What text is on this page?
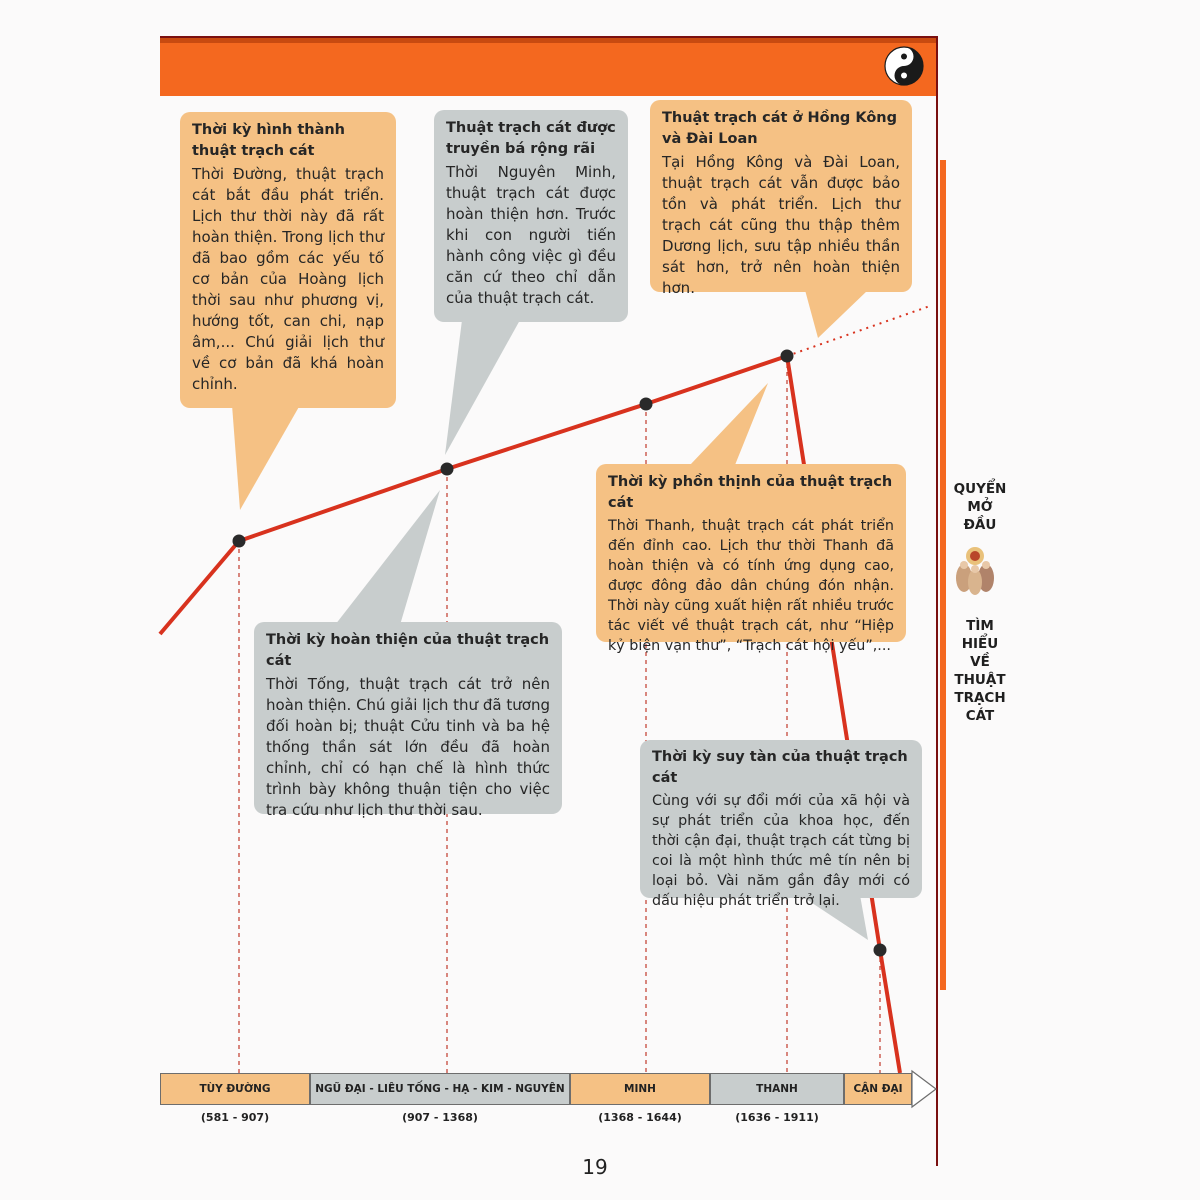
QUYỂN
MỞ
ĐẦU
TÌM
HIỂU
VỀ
THUẬT
TRẠCH
CÁT
Thời kỳ hình thành thuật trạch cát

Thời Đường, thuật trạch cát bắt đầu phát triển. Lịch thư thời này đã rất hoàn thiện. Trong lịch thư đã bao gồm các yếu tố cơ bản của Hoàng lịch thời sau như phương vị, hướng tốt, can chi, nạp âm,... Chú giải lịch thư về cơ bản đã khá hoàn chỉnh.

Thuật trạch cát được truyền bá rộng rãi

Thời Nguyên Minh, thuật trạch cát được hoàn thiện hơn. Trước khi con người tiến hành công việc gì đều căn cứ theo chỉ dẫn của thuật trạch cát.

Thuật trạch cát ở Hồng Kông và Đài Loan

Tại Hồng Kông và Đài Loan, thuật trạch cát vẫn được bảo tồn và phát triển. Lịch thư trạch cát cũng thu thập thêm Dương lịch, sưu tập nhiều thần sát hơn, trở nên hoàn thiện hơn.

Thời kỳ phồn thịnh của thuật trạch cát

Thời Thanh, thuật trạch cát phát triển đến đỉnh cao. Lịch thư thời Thanh đã hoàn thiện và có tính ứng dụng cao, được đông đảo dân chúng đón nhận. Thời này cũng xuất hiện rất nhiều trước tác viết về thuật trạch cát, như “Hiệp kỷ biện vạn thư”, “Trạch cát hội yếu”,...

Thời kỳ hoàn thiện của thuật trạch cát

Thời Tống, thuật trạch cát trở nên hoàn thiện. Chú giải lịch thư đã tương đối hoàn bị; thuật Cửu tinh và ba hệ thống thần sát lớn đều đã hoàn chỉnh, chỉ có hạn chế là hình thức trình bày không thuận tiện cho việc tra cứu như lịch thư thời sau.

Thời kỳ suy tàn của thuật trạch cát

Cùng với sự đổi mới của xã hội và sự phát triển của khoa học, đến thời cận đại, thuật trạch cát từng bị coi là một hình thức mê tín nên bị loại bỏ. Vài năm gần đây mới có dấu hiệu phát triển trở lại.

TÙY ĐƯỜNG	NGŨ ĐẠI - LIÊU TỐNG - HẠ - KIM - NGUYÊN	MINH	THANH	CẬN ĐẠI
(581 - 907)	(907 - 1368)	(1368 - 1644)	(1636 - 1911)
19
